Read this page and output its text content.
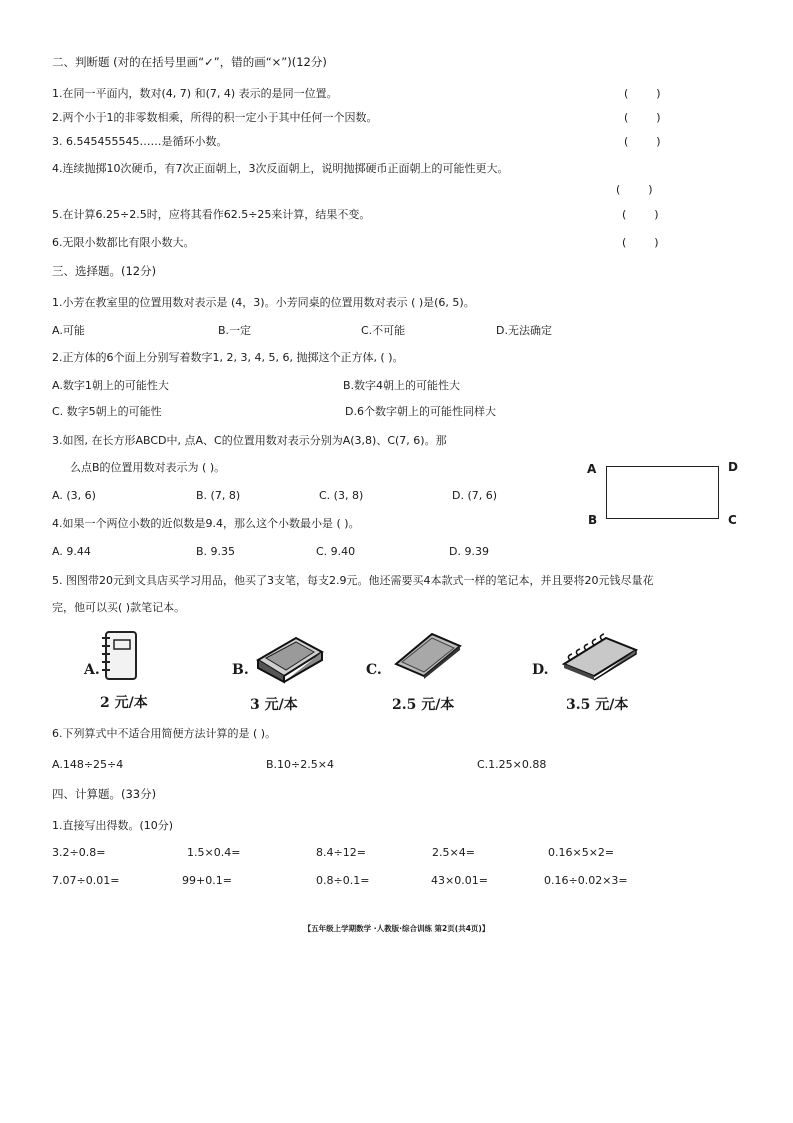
二、判断题 (对的在括号里画“✓”，错的画“×”)(12分)
1.在同一平面内，数对(4, 7) 和(7, 4) 表示的是同一位置。	(        )
2.两个小于1的非零数相乘，所得的积一定小于其中任何一个因数。	(        )
3. 6.545455545……是循环小数。	(        )
4.连续抛掷10次硬币，有7次正面朝上，3次反面朝上，说明抛掷硬币正面朝上的可能性更大。
(        )
5.在计算6.25÷2.5时，应将其看作62.5÷25来计算，结果不变。	(        )
6.无限小数都比有限小数大。	(        )
三、选择题。(12分)
1.小芳在教室里的位置用数对表示是 (4，3)。小芳同桌的位置用数对表示 ( )是(6, 5)。
A.可能	B.一定	C.不可能	D.无法确定
2.正方体的6个面上分别写着数字1, 2, 3, 4, 5, 6, 抛掷这个正方体, ( )。
A.数字1朝上的可能性大	B.数字4朝上的可能性大
C. 数字5朝上的可能性	D.6个数字朝上的可能性同样大
3.如图, 在长方形ABCD中, 点A、C的位置用数对表示分别为A(3,8)、C(7, 6)。那
么点B的位置用数对表示为 ( )。
A. (3, 6)	B. (7, 8)	C. (3, 8)	D. (7, 6)
A	D
B	C
4.如果一个两位小数的近似数是9.4，那么这个小数最小是 ( )。
A. 9.44	B. 9.35	C. 9.40	D. 9.39
5. 图图带20元到文具店买学习用品，他买了3支笔，每支2.9元。他还需要买4本款式一样的笔记本，并且要将20元钱尽量花
完，他可以买( )款笔记本。
A.
2 元/本
B.
3 元/本
C.
2.5 元/本
D.
3.5 元/本
6.下列算式中不适合用简便方法计算的是 ( )。
A.148÷25÷4	B.10÷2.5×4	C.1.25×0.88
四、计算题。(33分)
1.直接写出得数。(10分)
3.2÷0.8=	1.5×0.4=	8.4÷12=	2.5×4=	0.16×5×2=
7.07÷0.01=	99+0.1=	0.8÷0.1=	43×0.01=	0.16÷0.02×3=
【五年级上学期数学 ·人教版·综合训练 第2页(共4页)】
